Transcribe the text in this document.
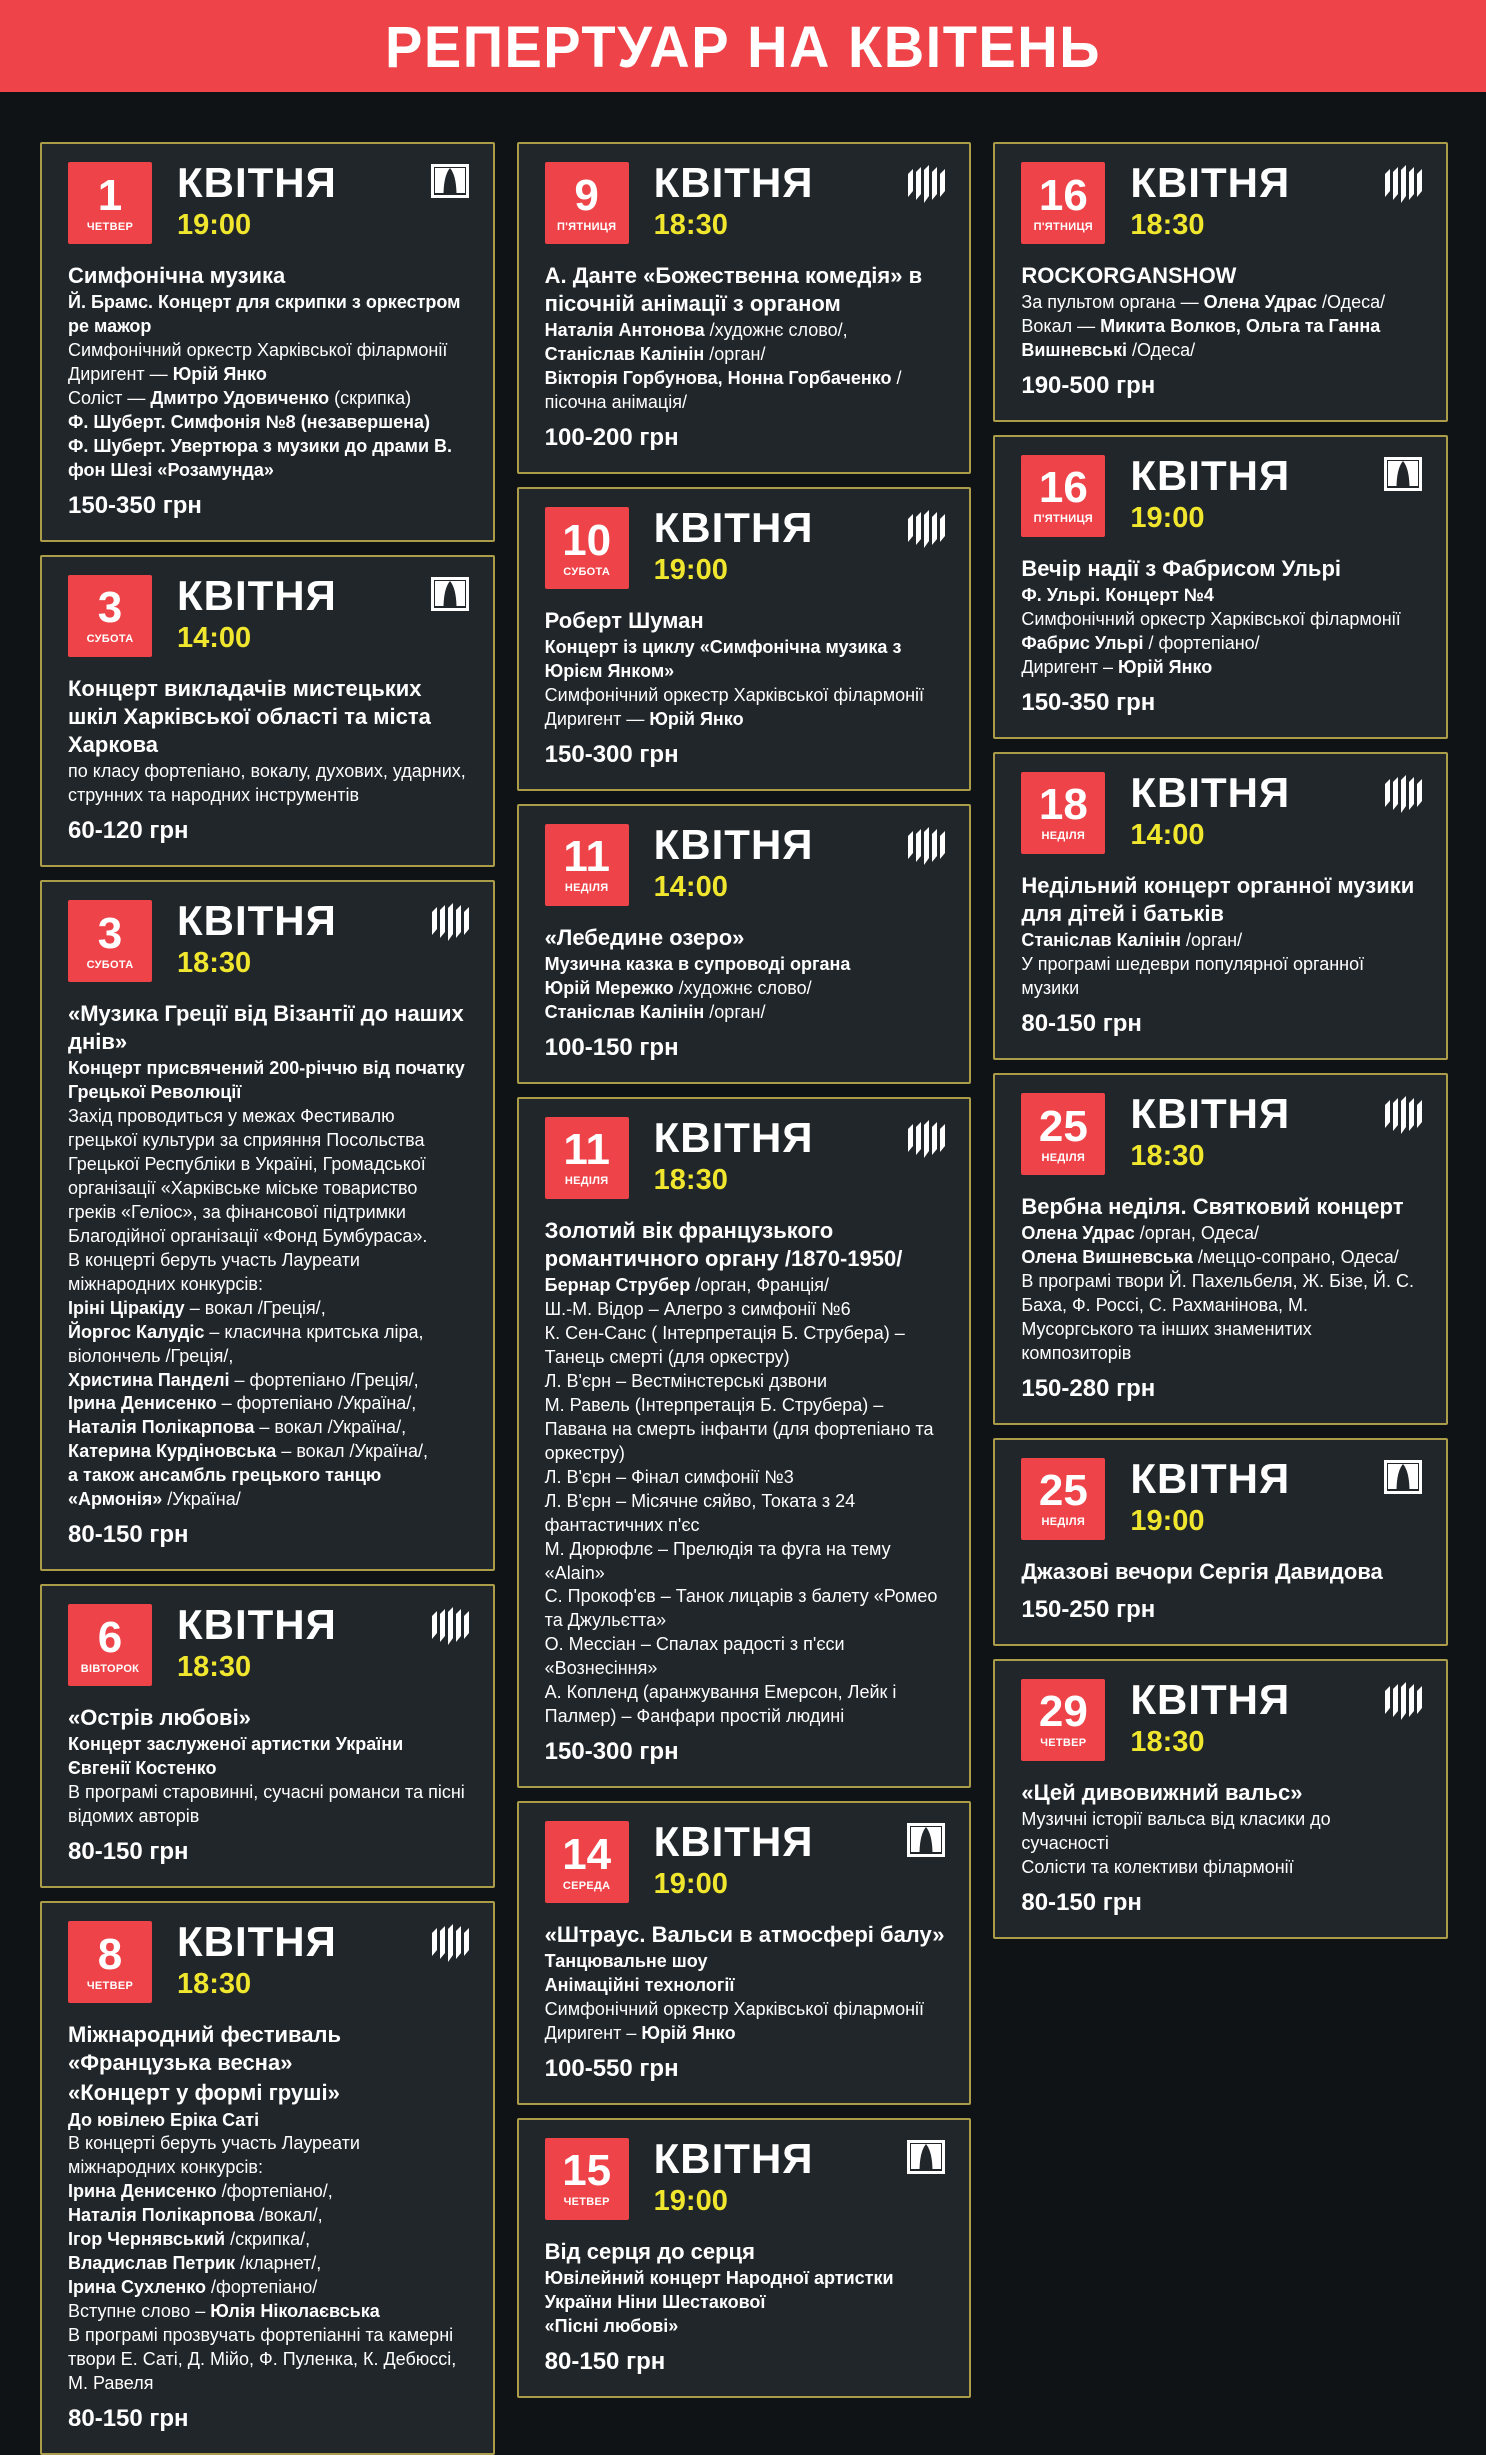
РЕПЕРТУАР НА КВІТЕНЬ
1
ЧЕТВЕР
КВІТНЯ
19:00
Симфонічна музика
Й. Брамс. Концерт для скрипки з оркестром ре мажор
Симфонічний оркестр Харківської філармонії
Диригент — Юрій Янко
Соліст — Дмитро Удовиченко (скрипка)
Ф. Шуберт. Симфонія №8 (незавершена)
Ф. Шуберт. Увертюра з музики до драми В. фон Шезі «Розамунда»
150-350 грн
3
СУБОТА
КВІТНЯ
14:00
Концерт викладачів мистецьких шкіл Харківської області та міста Харкова
по класу фортепіано, вокалу, духових, ударних, струнних та народних інструментів
60-120 грн
3
СУБОТА
КВІТНЯ
18:30
«Музика Греції від Візантії до наших днів»
Концерт присвячений 200-річчю від початку Грецької Революції
Захід проводиться у межах Фестивалю грецької культури за сприяння Посольства Грецької Республіки в Україні, Громадської організації «Харківське міське товариство греків «Геліос», за фінансової підтримки Благодійної організації «Фонд Бумбураса».
В концерті беруть участь Лауреати міжнародних конкурсів:
Іріні Ціракіду – вокал /Греція/,
Йоргос Калудіс – класична критська ліра, віолончель /Греція/,
Христина Панделі – фортепіано /Греція/,
Ірина Денисенко – фортепіано /Україна/,
Наталія Полікарпова – вокал /Україна/,
Катерина Курдіновська – вокал /Україна/,
а також ансамбль грецького танцю «Армонія» /Україна/
80-150 грн
6
ВІВТОРОК
КВІТНЯ
18:30
«Острів любові»
Концерт заслуженої артистки України Євгенії Костенко
В програмі старовинні, сучасні романси та пісні відомих авторів
80-150 грн
8
ЧЕТВЕР
КВІТНЯ
18:30
Міжнародний фестиваль «Французька весна»
«Концерт у формі груші»
До ювілею Еріка Саті
В концерті беруть участь Лауреати міжнародних конкурсів:
Ірина Денисенко /фортепіано/,
Наталія Полікарпова /вокал/,
Ігор Чернявський /скрипка/,
Владислав Петрик /кларнет/,
Ірина Сухленко /фортепіано/
Вступне слово – Юлія Ніколаєвська
В програмі прозвучать фортепіанні та камерні твори Е. Саті, Д. Мійо, Ф. Пуленка, К. Дебюссі, М. Равеля
80-150 грн
9
П'ЯТНИЦЯ
КВІТНЯ
18:30
А. Данте «Божественна комедія» в пісочній анімації з органом
Наталія Антонова /художнє слово/,
Станіслав Калінін /орган/
Вікторія Горбунова, Нонна Горбаченко /пісочна анімація/
100-200 грн
10
СУБОТА
КВІТНЯ
19:00
Роберт Шуман
Концерт із циклу «Симфонічна музика з Юрієм Янком»
Симфонічний оркестр Харківської філармонії
Диригент — Юрій Янко
150-300 грн
11
НЕДІЛЯ
КВІТНЯ
14:00
«Лебедине озеро»
Музична казка в супроводі органа
Юрій Мережко /художнє слово/
Станіслав Калінін /орган/
100-150 грн
11
НЕДІЛЯ
КВІТНЯ
18:30
Золотий вік французького романтичного органу /1870-1950/
Бернар Струбер /орган, Франція/
Ш.-М. Відор – Алегро з симфонії №6
К. Сен-Санс ( Інтерпретація Б. Струбера) – Танець смерті (для оркестру)
Л. В'єрн – Вестмінстерські дзвони
М. Равель (Інтерпретація Б. Струбера) – Павана на смерть інфанти (для фортепіано та оркестру)
Л. В'єрн – Фінал симфонії №3
Л. В'єрн – Місячне сяйво, Токата з 24 фантастичних п'єс
М. Дюрюфлє – Прелюдія та фуга на тему «Alain»
С. Прокоф'єв – Танок лицарів з балету «Ромео та Джульєтта»
О. Мессіан – Спалах радості з п'єси «Вознесіння»
А. Копленд (аранжування Емерсон, Лейк і Палмер) – Фанфари простій людині
150-300 грн
14
СЕРЕДА
КВІТНЯ
19:00
«Штраус. Вальси в атмосфері балу»
Танцювальне шоу
Анімаційні технології
Симфонічний оркестр Харківської філармонії
Диригент – Юрій Янко
100-550 грн
15
ЧЕТВЕР
КВІТНЯ
19:00
Від серця до серця
Ювілейний концерт Народної артистки України Ніни Шестакової
«Пісні любові»
80-150 грн
16
П'ЯТНИЦЯ
КВІТНЯ
18:30
ROCKORGANSHOW
За пультом органа — Олена Удрас /Одеса/
Вокал — Микита Волков, Ольга та Ганна Вишневські /Одеса/
190-500 грн
16
П'ЯТНИЦЯ
КВІТНЯ
19:00
Вечір надії з Фабрисом Ульрі
Ф. Ульрі. Концерт №4
Симфонічний оркестр Харківської філармонії
Фабрис Ульрі / фортепіано/
Диригент – Юрій Янко
150-350 грн
18
НЕДІЛЯ
КВІТНЯ
14:00
Недільний концерт органної музики для дітей і батьків
Станіслав Калінін /орган/
У програмі шедеври популярної органної музики
80-150 грн
25
НЕДІЛЯ
КВІТНЯ
18:30
Вербна неділя. Святковий концерт
Олена Удрас /орган, Одеса/
Олена Вишневська /меццо-сопрано, Одеса/
В програмі твори Й. Пахельбеля, Ж. Бізе, Й. С. Баха, Ф. Россі, С. Рахманінова, М. Мусоргського та інших знаменитих композиторів
150-280 грн
25
НЕДІЛЯ
КВІТНЯ
19:00
Джазові вечори Сергія Давидова
150-250 грн
29
ЧЕТВЕР
КВІТНЯ
18:30
«Цей дивовижний вальс»
Музичні історії вальса від класики до сучасності
Солісти та колективи філармонії
80-150 грн
